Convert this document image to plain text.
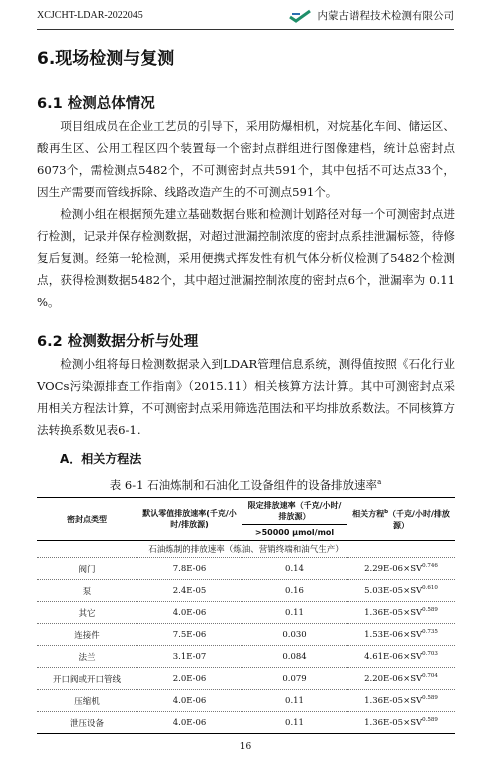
XCJCHT-LDAR-2022045	内蒙古谱程技术检测有限公司
6.现场检测与复测
6.1 检测总体情况

项目组成员在企业工艺员的引导下，采用防爆相机，对烷基化车间、储运区、酸再生区、公用工程区四个装置每一个密封点群组进行图像建档，统计总密封点6073个，需检测点5482个，不可测密封点共591个，其中包括不可达点33个，因生产需要而管线拆除、线路改造产生的不可测点591个。

检测小组在根据预先建立基础数据台账和检测计划路径对每一个可测密封点进行检测，记录并保存检测数据，对超过泄漏控制浓度的密封点系挂泄漏标签，待修复后复测。经第一轮检测，采用便携式挥发性有机气体分析仪检测了5482个检测点，获得检测数据5482个，其中超过泄漏控制浓度的密封点6个，泄漏率为 0.11 %。

6.2 检测数据分析与处理

检测小组将每日检测数据录入到LDAR管理信息系统，测得值按照《石化行业VOCs污染源排查工作指南》（2015.11）相关核算方法计算。其中可测密封点采用相关方程法计算，不可测密封点采用筛选范围法和平均排放系数法。不同核算方法转换系数见表6-1.

A．相关方程法

表 6-1 石油炼制和石油化工设备组件的设备排放速率$^a$

密封点类型	默认零值排放速率(千克/小时/排放源)	限定排放速率（千克/小时/排放源）	相关方程$^b$（千克/小时/排放源）
		>50000 μmol/mol	
石油炼制的排放速率（炼油、营销终端和油气生产）			
阀门	7.8E-06	0.14	$2.29E-06\times SV^{0.746}$
泵	2.4E-05	0.16	$5.03E-05\times SV^{0.610}$
其它	4.0E-06	0.11	$1.36E-05\times SV^{0.589}$
连接件	7.5E-06	0.030	$1.53E-06\times SV^{0.735}$
法兰	3.1E-07	0.084	$4.61E-06\times SV^{0.703}$
开口阀或开口管线	2.0E-06	0.079	$2.20E-06\times SV^{0.704}$
压缩机	4.0E-06	0.11	$1.36E-05\times SV^{0.589}$
泄压设备	4.0E-06	0.11	$1.36E-05\times SV^{0.589}$
16
